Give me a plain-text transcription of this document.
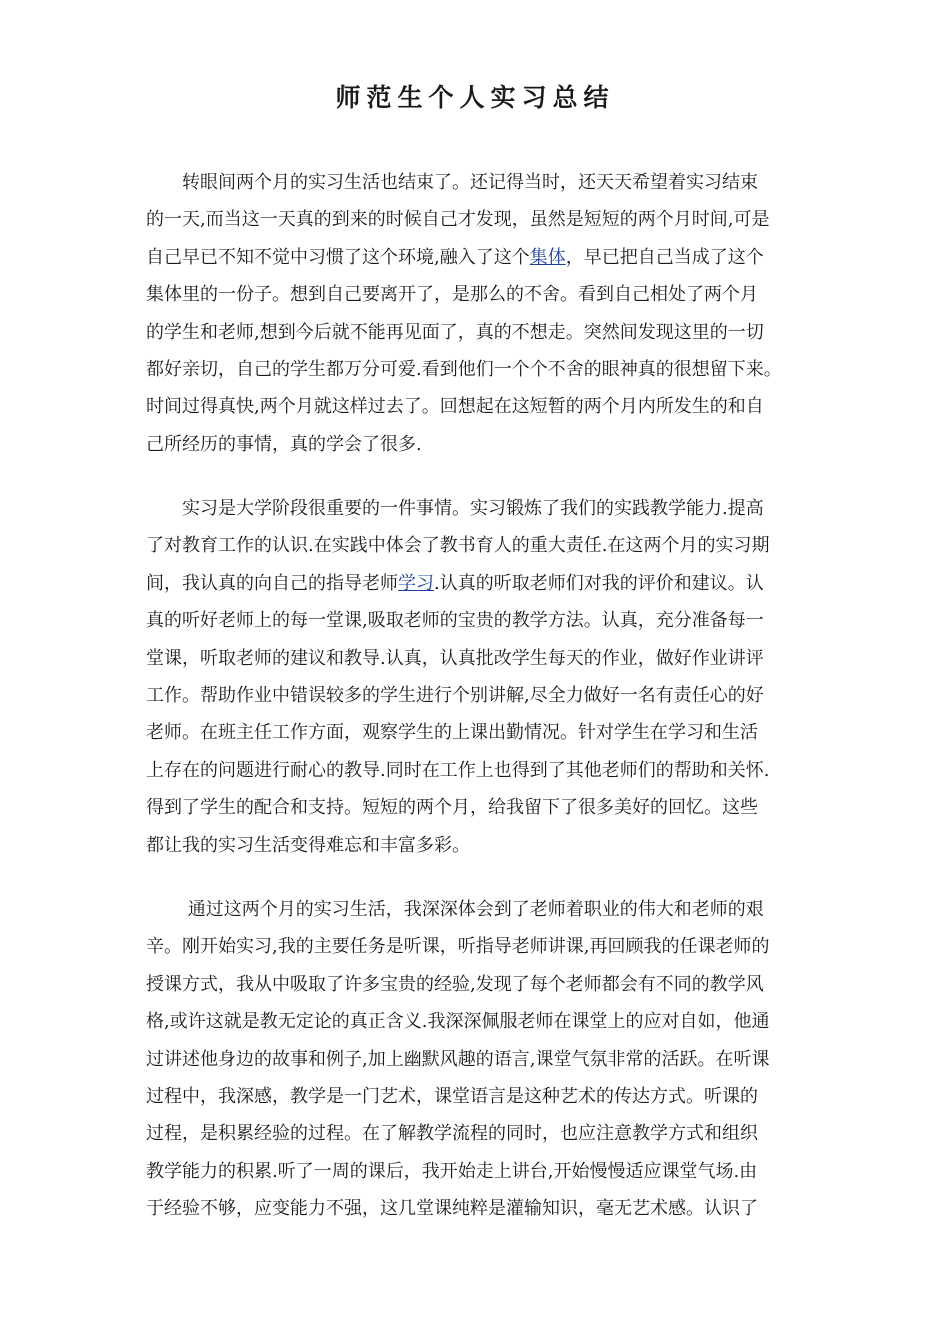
师范生个人实习总结
　　转眼间两个月的实习生活也结束了。还记得当时，还天天希望着实习结束
的一天,而当这一天真的到来的时候自己才发现，虽然是短短的两个月时间,可是
自己早已不知不觉中习惯了这个环境,融入了这个集体，早已把自己当成了这个
集体里的一份子。想到自己要离开了，是那么的不舍。看到自己相处了两个月
的学生和老师,想到今后就不能再见面了，真的不想走。突然间发现这里的一切
都好亲切，自己的学生都万分可爱.看到他们一个个不舍的眼神真的很想留下来。
时间过得真快,两个月就这样过去了。回想起在这短暂的两个月内所发生的和自
己所经历的事情，真的学会了很多.
　　实习是大学阶段很重要的一件事情。实习锻炼了我们的实践教学能力.提高
了对教育工作的认识.在实践中体会了教书育人的重大责任.在这两个月的实习期
间，我认真的向自己的指导老师学习.认真的听取老师们对我的评价和建议。认
真的听好老师上的每一堂课,吸取老师的宝贵的教学方法。认真，充分准备每一
堂课，听取老师的建议和教导.认真，认真批改学生每天的作业，做好作业讲评
工作。帮助作业中错误较多的学生进行个别讲解,尽全力做好一名有责任心的好
老师。在班主任工作方面，观察学生的上课出勤情况。针对学生在学习和生活
上存在的问题进行耐心的教导.同时在工作上也得到了其他老师们的帮助和关怀.
得到了学生的配合和支持。短短的两个月，给我留下了很多美好的回忆。这些
都让我的实习生活变得难忘和丰富多彩。
　　 通过这两个月的实习生活，我深深体会到了老师着职业的伟大和老师的艰
辛。刚开始实习,我的主要任务是听课，听指导老师讲课,再回顾我的任课老师的
授课方式，我从中吸取了许多宝贵的经验,发现了每个老师都会有不同的教学风
格,或许这就是教无定论的真正含义.我深深佩服老师在课堂上的应对自如，他通
过讲述他身边的故事和例子,加上幽默风趣的语言,课堂气氛非常的活跃。在听课
过程中，我深感，教学是一门艺术，课堂语言是这种艺术的传达方式。听课的
过程，是积累经验的过程。在了解教学流程的同时，也应注意教学方式和组织
教学能力的积累.听了一周的课后，我开始走上讲台,开始慢慢适应课堂气场.由
于经验不够，应变能力不强，这几堂课纯粹是灌输知识，毫无艺术感。认识了
